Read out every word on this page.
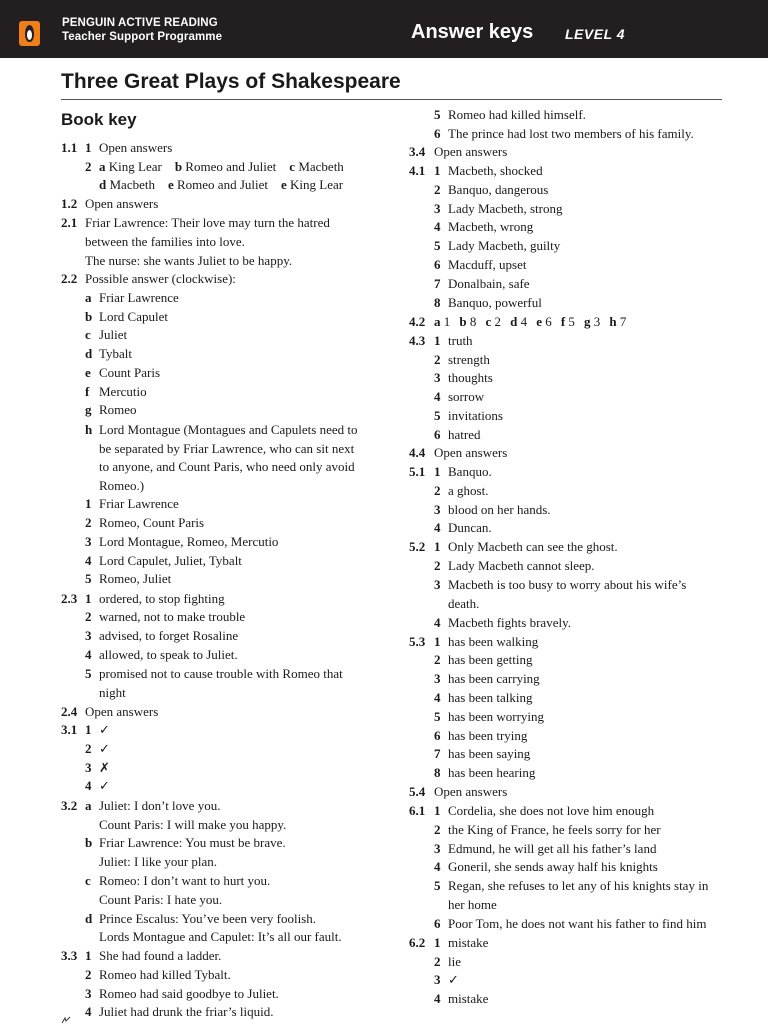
PENGUIN ACTIVE READING
Teacher Support Programme	Answer keys LEVEL 4
Three Great Plays of Shakespeare
Book key
1.1 1 Open answers
2 a King Lear  b Romeo and Juliet  c Macbeth
d Macbeth  e Romeo and Juliet  e King Lear
1.2 Open answers
2.1 Friar Lawrence: Their love may turn the hatred
between the families into love.
The nurse: she wants Juliet to be happy.
2.2 Possible answer (clockwise):
a Friar Lawrence
b Lord Capulet
c Juliet
d Tybalt
e Count Paris
f Mercutio
g Romeo
h Lord Montague (Montagues and Capulets need to
be separated by Friar Lawrence, who can sit next
to anyone, and Count Paris, who need only avoid
Romeo.)
1 Friar Lawrence
2 Romeo, Count Paris
3 Lord Montague, Romeo, Mercutio
4 Lord Capulet, Juliet, Tybalt
5 Romeo, Juliet
2.3 1 ordered, to stop fighting
2 warned, not to make trouble
3 advised, to forget Rosaline
4 allowed, to speak to Juliet.
5 promised not to cause trouble with Romeo that
night
2.4 Open answers
3.1 1 ✓
2 ✓
3 ✗
4 ✓
3.2 a Juliet: I don’t love you.
Count Paris: I will make you happy.
b Friar Lawrence: You must be brave.
Juliet: I like your plan.
c Romeo: I don’t want to hurt you.
Count Paris: I hate you.
d Prince Escalus: You’ve been very foolish.
Lords Montague and Capulet: It’s all our fault.
3.3 1 She had found a ladder.
2 Romeo had killed Tybalt.
3 Romeo had said goodbye to Juliet.
4 Juliet had drunk the friar’s liquid.
5 Romeo had killed himself.
6 The prince had lost two members of his family.
3.4 Open answers
4.1 1 Macbeth, shocked
2 Banquo, dangerous
3 Lady Macbeth, strong
4 Macbeth, wrong
5 Lady Macbeth, guilty
6 Macduff, upset
7 Donalbain, safe
8 Banquo, powerful
4.2 a 1   b 8   c 2   d 4   e 6   f 5   g 3   h 7
4.3 1 truth
2 strength
3 thoughts
4 sorrow
5 invitations
6 hatred
4.4 Open answers
5.1 1 Banquo.
2 a ghost.
3 blood on her hands.
4 Duncan.
5.2 1 Only Macbeth can see the ghost.
2 Lady Macbeth cannot sleep.
3 Macbeth is too busy to worry about his wife’s
death.
4 Macbeth fights bravely.
5.3 1 has been walking
2 has been getting
3 has been carrying
4 has been talking
5 has been worrying
6 has been trying
7 has been saying
8 has been hearing
5.4 Open answers
6.1 1 Cordelia, she does not love him enough
2 the King of France, he feels sorry for her
3 Edmund, he will get all his father’s land
4 Goneril, she sends away half his knights
5 Regan, she refuses to let any of his knights stay in
her home
6 Poor Tom, he does not want his father to find him
6.2 1 mistake
2 lie
3 ✓
4 mistake
